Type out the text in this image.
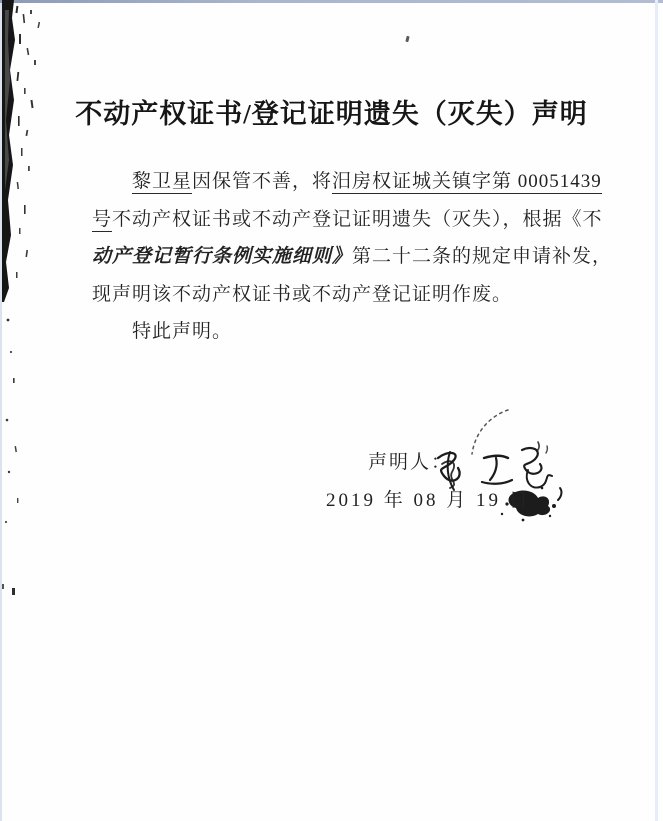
不动产权证书/登记证明遗失（灭失）声明
黎卫星因保管不善，将汨房权证城关镇字第 00051439
号不动产权证书或不动产登记证明遗失（灭失），根据《不
动产登记暂行条例实施细则》第二十二条的规定申请补发，
现声明该不动产权证书或不动产登记证明作废。
特此声明。
声明人：
2019 年 08 月 19 日
